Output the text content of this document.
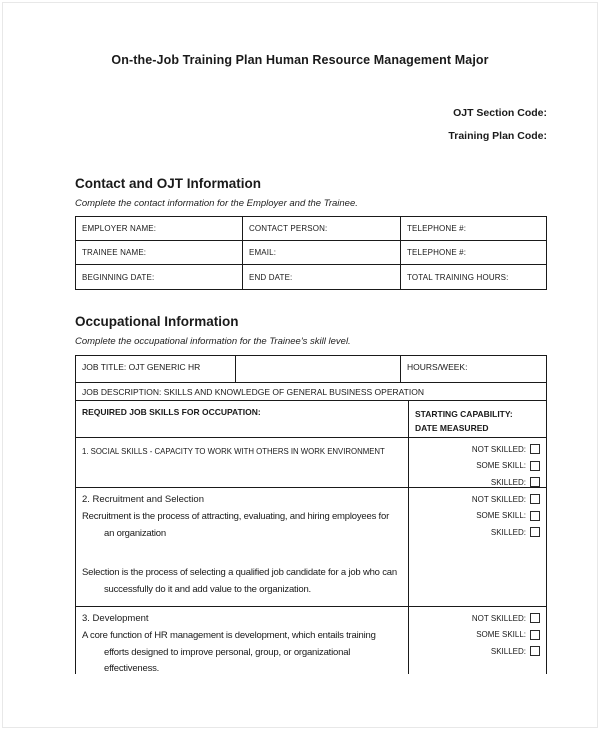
On-the-Job Training Plan Human Resource Management Major
OJT Section Code:
Training Plan Code:
Contact and OJT Information
Complete the contact information for the Employer and the Trainee.
EMPLOYER NAME:	CONTACT PERSON:	TELEPHONE #:
TRAINEE NAME:	EMAIL:	TELEPHONE #:
BEGINNING DATE:	END DATE:	TOTAL TRAINING HOURS:
Occupational Information
Complete the occupational information for the Trainee's skill level.
JOB TITLE: OJT GENERIC HR	HOURS/WEEK:
JOB DESCRIPTION: SKILLS AND KNOWLEDGE OF GENERAL BUSINESS OPERATION
REQUIRED JOB SKILLS FOR OCCUPATION:	STARTING CAPABILITY:
DATE MEASURED
1. SOCIAL SKILLS - CAPACITY TO WORK WITH OTHERS IN WORK ENVIRONMENT	NOT SKILLED:
SOME SKILL:
SKILLED:
2. Recruitment and Selection
Recruitment is the process of attracting, evaluating, and hiring employees for an organization
Selection is the process of selecting a qualified job candidate for a job who can successfully do it and add value to the organization.
NOT SKILLED:
SOME SKILL:
SKILLED:
3. Development
A core function of HR management is development, which entails training efforts designed to improve personal, group, or organizational effectiveness.
NOT SKILLED:
SOME SKILL:
SKILLED:
